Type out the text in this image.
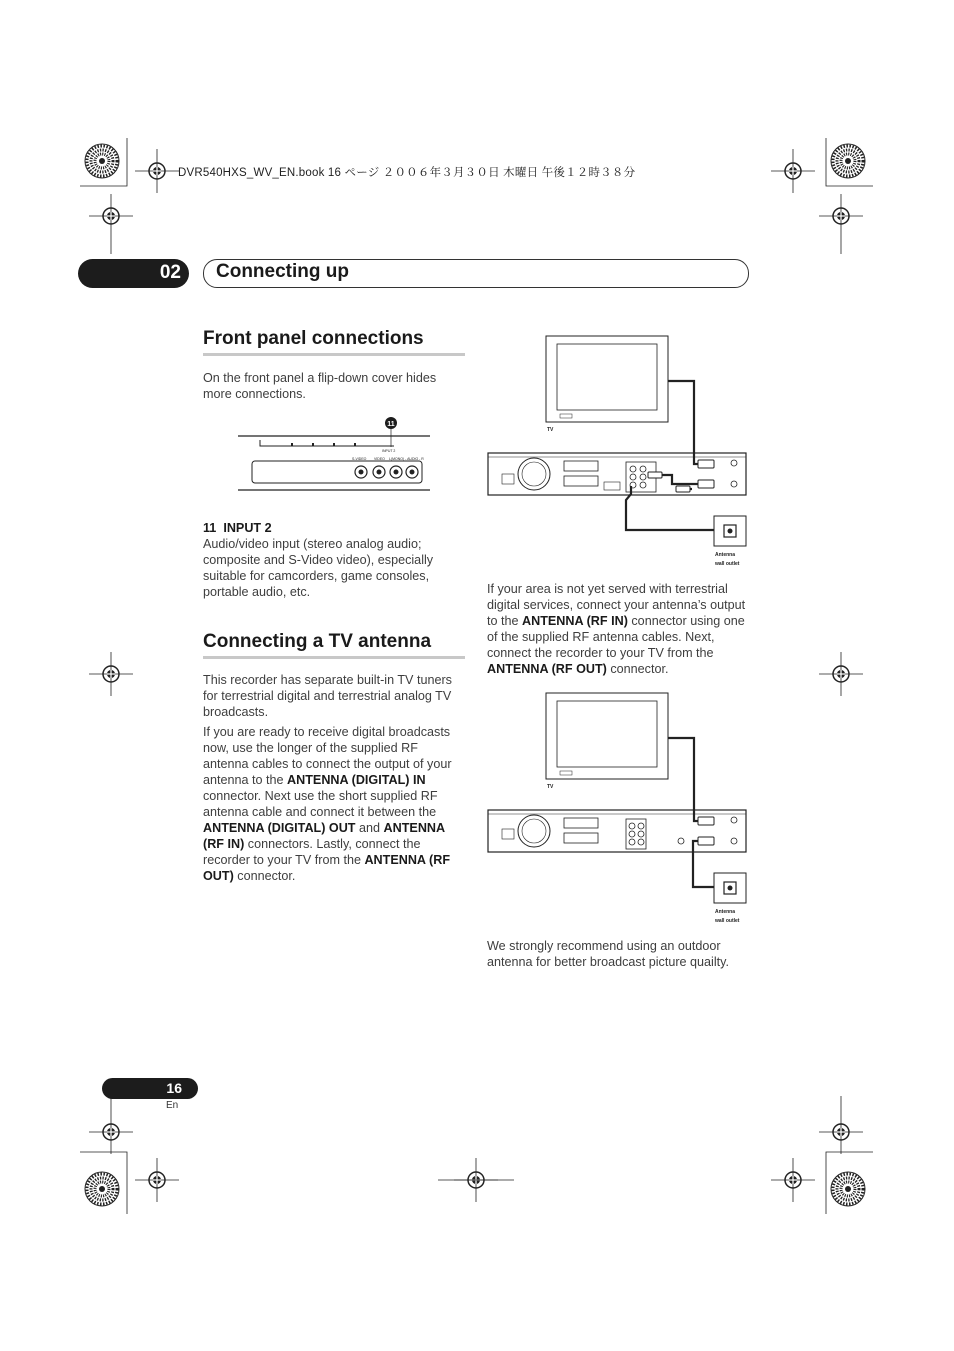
DVR540HXS_WV_EN.book 16 ページ ２００６年３月３０日 木曜日 午後１２時３８分
02 Connecting up
Front panel connections

On the front panel a flip-down cover hides more connections.

11
INPUT 2
S-VIDEO VIDEO L(MONO) - AUDIO - R
11 INPUT 2

Audio/video input (stereo analog audio; composite and S-Video video), especially suitable for camcorders, game consoles, portable audio, etc.

Connecting a TV antenna

This recorder has separate built-in TV tuners for terrestrial digital and terrestrial analog TV broadcasts.

If you are ready to receive digital broadcasts now, use the longer of the supplied RF antenna cables to connect the output of your antenna to the ANTENNA (DIGITAL) IN connector. Next use the short supplied RF antenna cable and connect it between the ANTENNA (DIGITAL) OUT and ANTENNA (RF IN) connectors. Lastly, connect the recorder to your TV from the ANTENNA (RF OUT) connector.

TV
Antenna
wall outlet

If your area is not yet served with terrestrial digital services, connect your antenna’s output to the ANTENNA (RF IN) connector using one of the supplied RF antenna cables. Next, connect the recorder to your TV from the ANTENNA (RF OUT) connector.

TV
Antenna
wall outlet

We strongly recommend using an outdoor antenna for better broadcast picture quailty.

16
En
